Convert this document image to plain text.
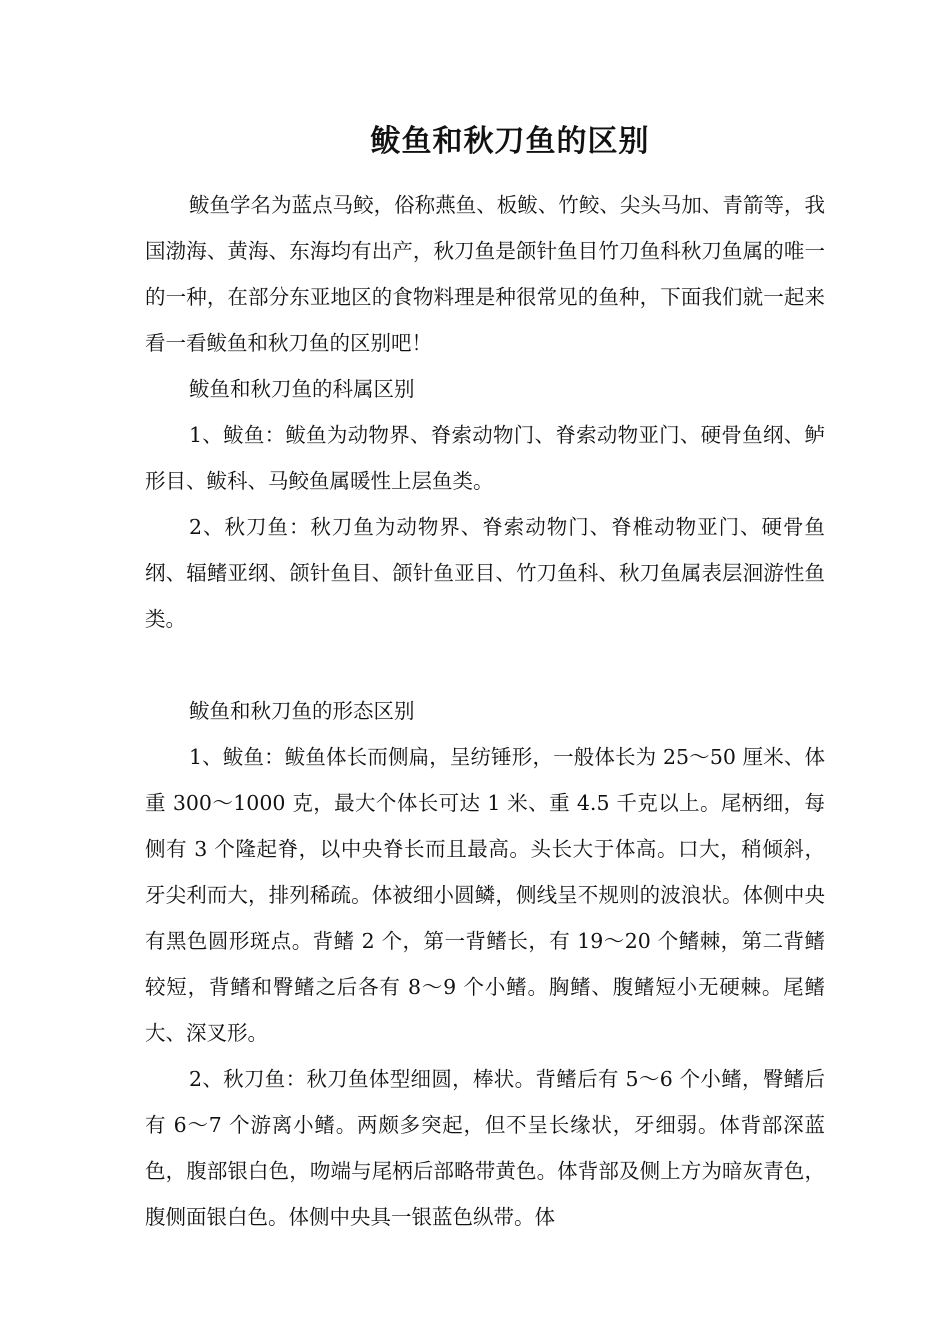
鲅鱼和秋刀鱼的区别

鲅鱼学名为蓝点马鲛，俗称燕鱼、板鲅、竹鲛、尖头马加、青箭等，我国渤海、黄海、东海均有出产，秋刀鱼是颌针鱼目竹刀鱼科秋刀鱼属的唯一的一种，在部分东亚地区的食物料理是种很常见的鱼种，下面我们就一起来看一看鲅鱼和秋刀鱼的区别吧！

鲅鱼和秋刀鱼的科属区别

1、鲅鱼：鲅鱼为动物界、脊索动物门、脊索动物亚门、硬骨鱼纲、鲈形目、鲅科、马鲛鱼属暖性上层鱼类。

2、秋刀鱼：秋刀鱼为动物界、脊索动物门、脊椎动物亚门、硬骨鱼纲、辐鳍亚纲、颌针鱼目、颌针鱼亚目、竹刀鱼科、秋刀鱼属表层洄游性鱼类。

鲅鱼和秋刀鱼的形态区别

1、鲅鱼：鲅鱼体长而侧扁，呈纺锤形，一般体长为 25～50 厘米、体重 300～1000 克，最大个体长可达 1 米、重 4.5 千克以上。尾柄细，每侧有 3 个隆起脊，以中央脊长而且最高。头长大于体高。口大，稍倾斜，牙尖利而大，排列稀疏。体被细小圆鳞，侧线呈不规则的波浪状。体侧中央有黑色圆形斑点。背鳍 2 个，第一背鳍长，有 19～20 个鳍棘，第二背鳍较短，背鳍和臀鳍之后各有 8～9 个小鳍。胸鳍、腹鳍短小无硬棘。尾鳍大、深叉形。

2、秋刀鱼：秋刀鱼体型细圆，棒状。背鳍后有 5～6 个小鳍，臀鳍后有 6～7 个游离小鳍。两颇多突起，但不呈长缘状，牙细弱。体背部深蓝色，腹部银白色，吻端与尾柄后部略带黄色。体背部及侧上方为暗灰青色，腹侧面银白色。体侧中央具一银蓝色纵带。体
